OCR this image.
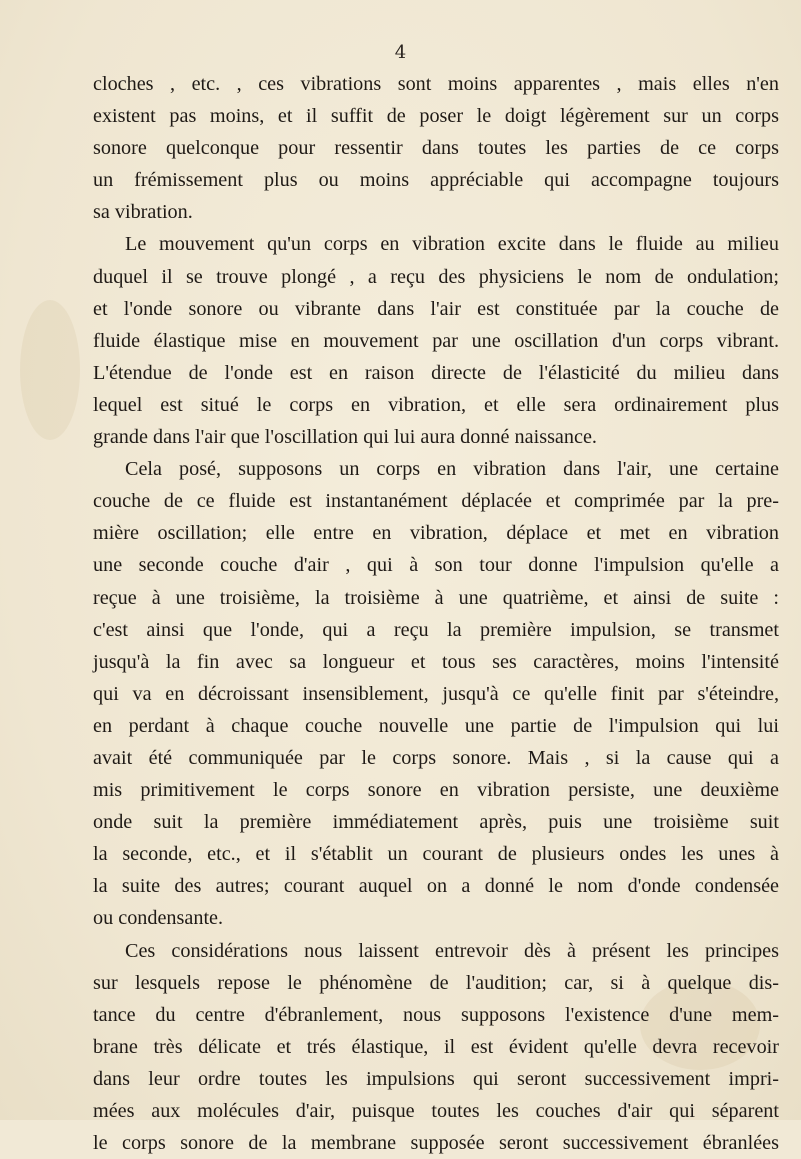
4
cloches , etc. , ces vibrations sont moins apparentes , mais elles n'en
existent pas moins, et il suffit de poser le doigt légèrement sur un corps
sonore quelconque pour ressentir dans toutes les parties de ce corps
un frémissement plus ou moins appréciable qui accompagne toujours
sa vibration.
Le mouvement qu'un corps en vibration excite dans le fluide au milieu
duquel il se trouve plongé , a reçu des physiciens le nom de ondulation;
et l'onde sonore ou vibrante dans l'air est constituée par la couche de
fluide élastique mise en mouvement par une oscillation d'un corps vibrant.
L'étendue de l'onde est en raison directe de l'élasticité du milieu dans
lequel est situé le corps en vibration, et elle sera ordinairement plus
grande dans l'air que l'oscillation qui lui aura donné naissance.
Cela posé, supposons un corps en vibration dans l'air, une certaine
couche de ce fluide est instantanément déplacée et comprimée par la pre-
mière oscillation; elle entre en vibration, déplace et met en vibration
une seconde couche d'air , qui à son tour donne l'impulsion qu'elle a
reçue à une troisième, la troisième à une quatrième, et ainsi de suite :
c'est ainsi que l'onde, qui a reçu la première impulsion, se transmet
jusqu'à la fin avec sa longueur et tous ses caractères, moins l'intensité
qui va en décroissant insensiblement, jusqu'à ce qu'elle finit par s'éteindre,
en perdant à chaque couche nouvelle une partie de l'impulsion qui lui
avait été communiquée par le corps sonore. Mais , si la cause qui a
mis primitivement le corps sonore en vibration persiste, une deuxième
onde suit la première immédiatement après, puis une troisième suit
la seconde, etc., et il s'établit un courant de plusieurs ondes les unes à
la suite des autres; courant auquel on a donné le nom d'onde condensée
ou condensante.
Ces considérations nous laissent entrevoir dès à présent les principes
sur lesquels repose le phénomène de l'audition; car, si à quelque dis-
tance du centre d'ébranlement, nous supposons l'existence d'une mem-
brane très délicate et trés élastique, il est évident qu'elle devra recevoir
dans leur ordre toutes les impulsions qui seront successivement impri-
mées aux molécules d'air, puisque toutes les couches d'air qui séparent
le corps sonore de la membrane supposée seront successivement ébranlées
